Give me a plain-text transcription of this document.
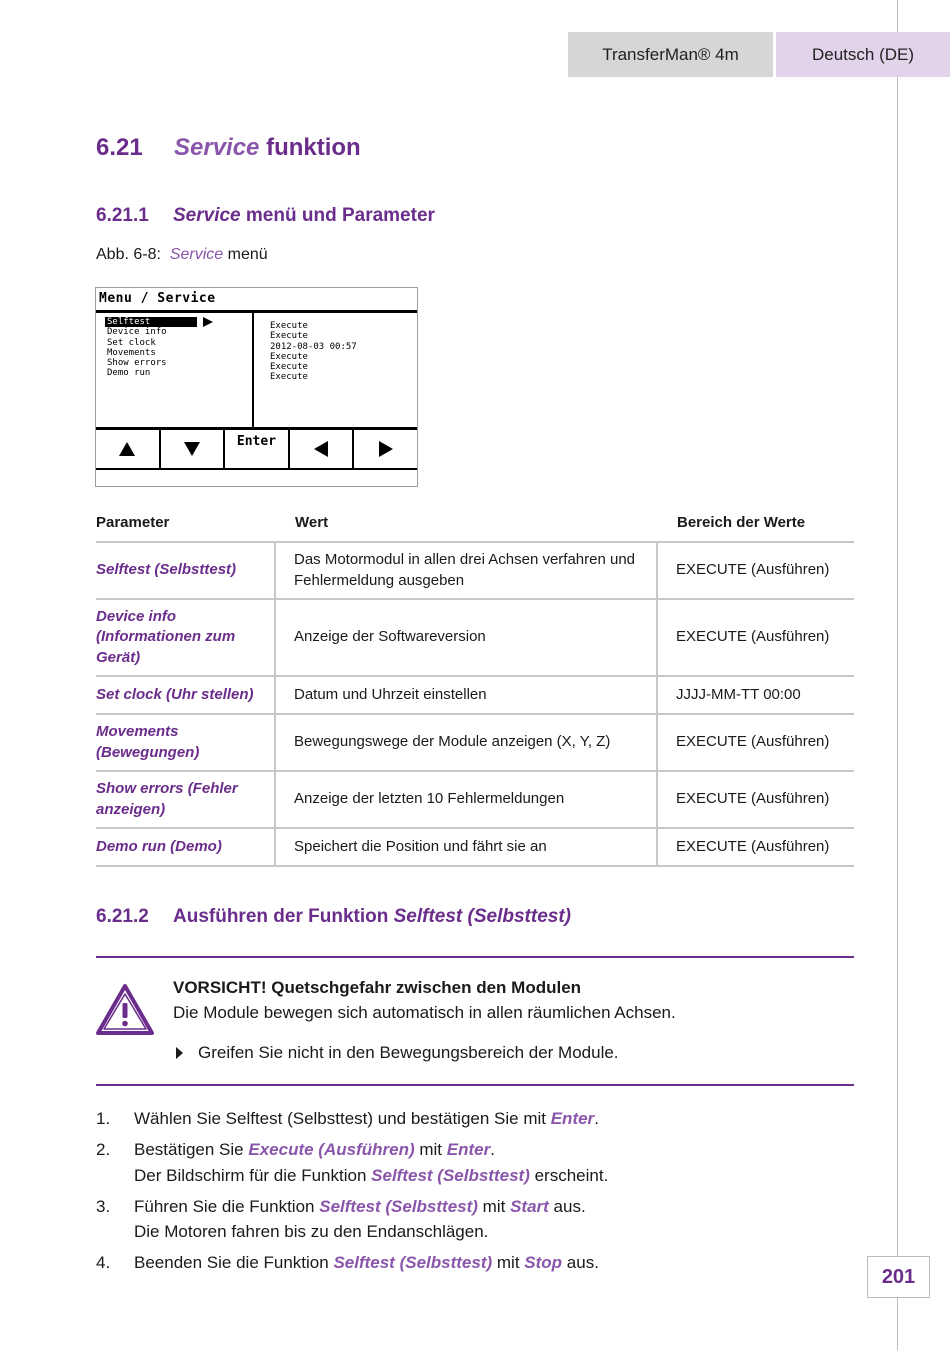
TransferMan® 4m	Deutsch (DE)
6.21 Service funktion
6.21.1 Service menü und Parameter
Abb. 6-8: Service menü
Menu / Service
Selftest
Device info
Set clock
Movements
Show errors
Demo run
Execute
Execute
2012-08-03 00:57
Execute
Execute
Execute
Enter
Parameter	Wert	Bereich der Werte
Selftest (Selbsttest)	Das Motormodul in allen drei Achsen verfahren und Fehlermeldung ausgeben	EXECUTE (Ausführen)
Device info (Informationen zum Gerät)	Anzeige der Softwareversion	EXECUTE (Ausführen)
Set clock (Uhr stellen)	Datum und Uhrzeit einstellen	JJJJ-MM-TT 00:00
Movements (Bewegungen)	Bewegungswege der Module anzeigen (X, Y, Z)	EXECUTE (Ausführen)
Show errors (Fehler anzeigen)	Anzeige der letzten 10 Fehlermeldungen	EXECUTE (Ausführen)
Demo run (Demo)	Speichert die Position und fährt sie an	EXECUTE (Ausführen)
6.21.2 Ausführen der Funktion Selftest (Selbsttest)
VORSICHT! Quetschgefahr zwischen den Modulen
Die Module bewegen sich automatisch in allen räumlichen Achsen.
Greifen Sie nicht in den Bewegungsbereich der Module.
1. Wählen Sie Selftest (Selbsttest) und bestätigen Sie mit Enter.
2. Bestätigen Sie Execute (Ausführen) mit Enter.
Der Bildschirm für die Funktion Selftest (Selbsttest) erscheint.
3. Führen Sie die Funktion Selftest (Selbsttest) mit Start aus.
Die Motoren fahren bis zu den Endanschlägen.
4. Beenden Sie die Funktion Selftest (Selbsttest) mit Stop aus.
201
